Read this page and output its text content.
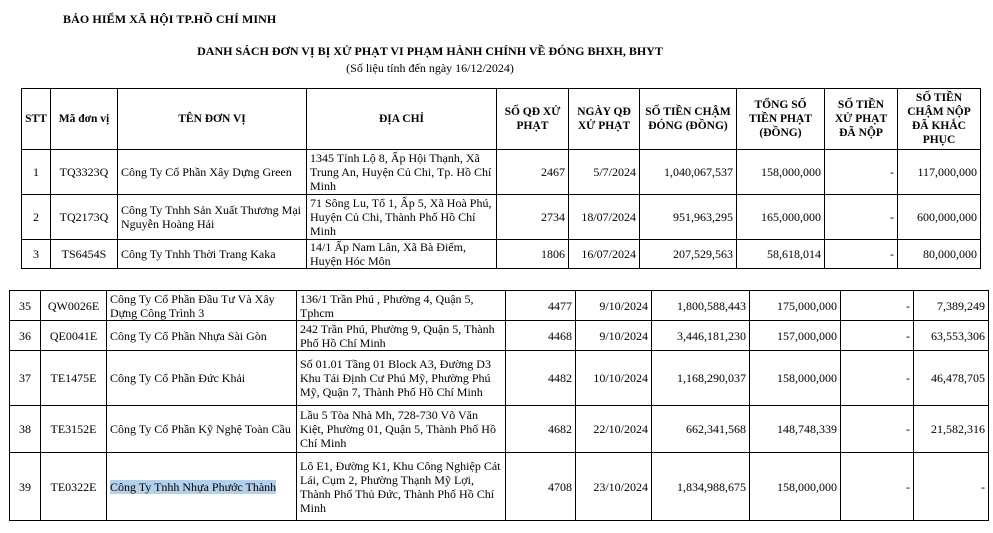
BẢO HIỂM XÃ HỘI TP.HỒ CHÍ MINH
DANH SÁCH ĐƠN VỊ BỊ XỬ PHẠT VI PHẠM HÀNH CHÍNH VỀ ĐÓNG BHXH, BHYT
(Số liệu tính đến ngày 16/12/2024)
STT	Mã đơn vị	TÊN ĐƠN VỊ	ĐỊA CHỈ	SỐ QĐ XỬ PHẠT	NGÀY QĐ XỬ PHẠT	SỐ TIỀN CHẬM ĐÓNG (ĐỒNG)	TỔNG SỐ TIỀN PHẠT (ĐỒNG)	SỐ TIỀN XỬ PHẠT ĐÃ NỘP	SỐ TIỀN CHẬM NỘP ĐÃ KHẮC PHỤC
1	TQ3323Q	Công Ty Cổ Phần Xây Dựng Green	1345 Tỉnh Lộ 8, Ấp Hội Thạnh, Xã Trung An, Huyện Củ Chi, Tp. Hồ Chí Minh	2467	5/7/2024	1,040,067,537	158,000,000	-	117,000,000
2	TQ2173Q	Công Ty Tnhh Sản Xuất Thương Mại Nguyễn Hoàng Hải	71 Sông Lu, Tổ 1, Ấp 5, Xã Hoà Phú, Huyện Củ Chi, Thành Phố Hồ Chí Minh	2734	18/07/2024	951,963,295	165,000,000	-	600,000,000
3	TS6454S	Công Ty Tnhh Thời Trang Kaka	14/1 Ấp Nam Lân, Xã Bà Điểm, Huyện Hóc Môn	1806	16/07/2024	207,529,563	58,618,014	-	80,000,000
35	QW0026E	Công Ty Cổ Phần Đầu Tư Và Xây Dựng Công Trình 3	136/1 Trần Phú , Phường 4, Quận 5, Tphcm	4477	9/10/2024	1,800,588,443	175,000,000	-	7,389,249
36	QE0041E	Công Ty Cổ Phần Nhựa Sài Gòn	242 Trần Phú, Phường 9, Quận 5, Thành Phố Hồ Chí Minh	4468	9/10/2024	3,446,181,230	157,000,000	-	63,553,306
37	TE1475E	Công Ty Cổ Phần Đức Khải	Số 01.01 Tầng 01 Block A3, Đường D3 Khu Tái Định Cư Phú Mỹ, Phường Phú Mỹ, Quận 7, Thành Phố Hồ Chí Minh	4482	10/10/2024	1,168,290,037	158,000,000	-	46,478,705
38	TE3152E	Công Ty Cổ Phần Kỹ Nghệ Toàn Cầu	Lầu 5 Tòa Nhà Mh, 728-730 Võ Văn Kiệt, Phường 01, Quận 5, Thành Phố Hồ Chí Minh	4682	22/10/2024	662,341,568	148,748,339	-	21,582,316
39	TE0322E	Công Ty Tnhh Nhựa Phước Thành	Lô E1, Đường K1, Khu Công Nghiệp Cát Lái, Cụm 2, Phường Thạnh Mỹ Lợi, Thành Phố Thủ Đức, Thành Phố Hồ Chí Minh	4708	23/10/2024	1,834,988,675	158,000,000	-	-
